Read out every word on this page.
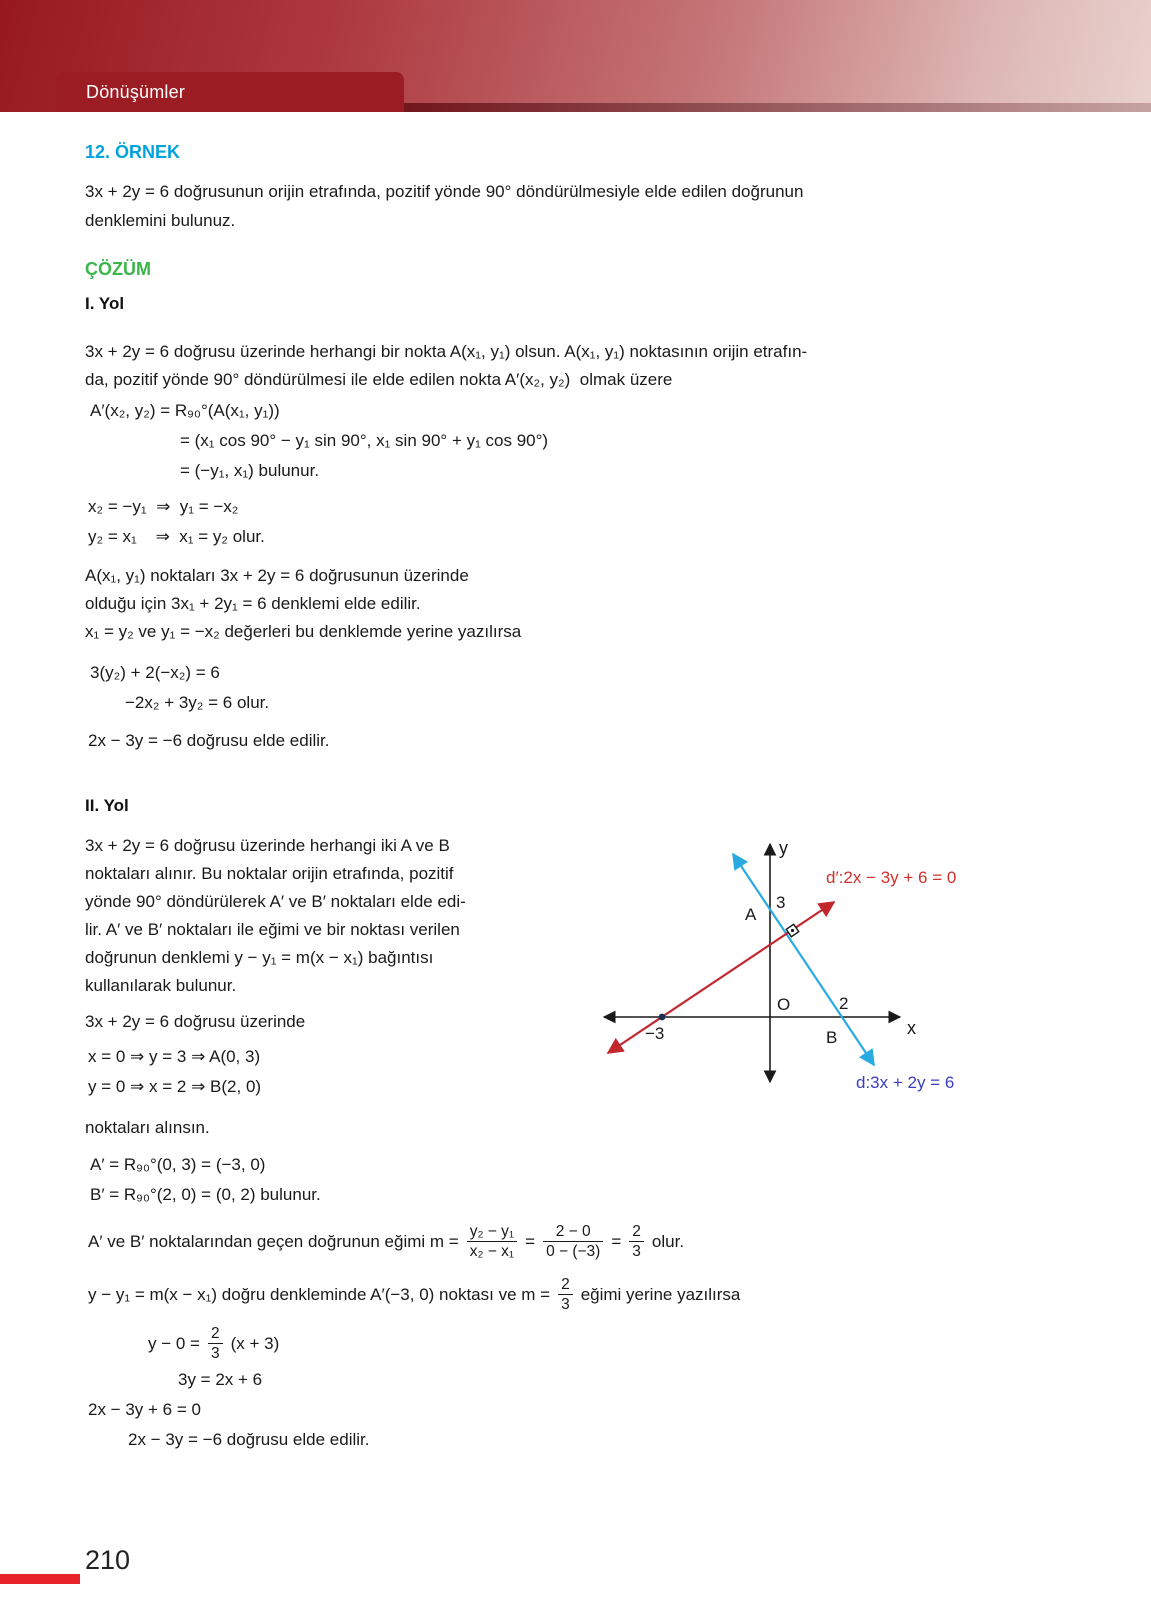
Dönüşümler
12. ÖRNEK

3x + 2y = 6 doğrusunun orijin etrafında, pozitif yönde 90° döndürülmesiyle elde edilen doğrunun

denklemini bulunuz.

ÇÖZÜM
I. Yol
3x + 2y = 6 doğrusu üzerinde herhangi bir nokta A(x₁, y₁) olsun. A(x₁, y₁) noktasının orijin etrafın-
da, pozitif yönde 90° döndürülmesi ile elde edilen nokta A′(x₂, y₂)  olmak üzere
A′(x₂, y₂) = R₉₀°(A(x₁, y₁))
= (x₁ cos 90° − y₁ sin 90°, x₁ sin 90° + y₁ cos 90°)
= (−y₁, x₁) bulunur.
x₂ = −y₁  ⇒  y₁ = −x₂
y₂ = x₁    ⇒  x₁ = y₂ olur.
A(x₁, y₁) noktaları 3x + 2y = 6 doğrusunun üzerinde
olduğu için 3x₁ + 2y₁ = 6 denklemi elde edilir.
x₁ = y₂ ve y₁ = −x₂ değerleri bu denklemde yerine yazılırsa
3(y₂) + 2(−x₂) = 6
−2x₂ + 3y₂ = 6 olur.
2x − 3y = −6 doğrusu elde edilir.
II. Yol
3x + 2y = 6 doğrusu üzerinde herhangi iki A ve B
noktaları alınır. Bu noktalar orijin etrafında, pozitif
yönde 90° döndürülerek A′ ve B′ noktaları elde edi-
lir. A′ ve B′ noktaları ile eğimi ve bir noktası verilen
doğrunun denklemi y − y₁ = m(x − x₁) bağıntısı
kullanılarak bulunur.
3x + 2y = 6 doğrusu üzerinde
x = 0 ⇒ y = 3 ⇒ A(0, 3)
y = 0 ⇒ x = 2 ⇒ B(2, 0)
y
x
A
3
O	2
B
−3
d′:2x − 3y + 6 = 0
d:3x + 2y = 6
noktaları alınsın.
A′ = R₉₀°(0, 3) = (−3, 0)
B′ = R₉₀°(2, 0) = (0, 2) bulunur.
A′ ve B′ noktalarından geçen doğrunun eğimi $m = \frac{\text{y₂ − y₁}}{\text{x₂ − x₁}} = \frac{2 - 0}{0 - (-3)} = \frac{2}{3}$ olur.
y − y₁ = m(x − x₁) doğru denkleminde A′(−3, 0) noktası ve $m = \frac{2}{3}$ eğimi yerine yazılırsa
$y - 0 = \frac{2}{3} (x + 3)$
3y = 2x + 6
2x − 3y + 6 = 0
2x − 3y = −6 doğrusu elde edilir.
210
